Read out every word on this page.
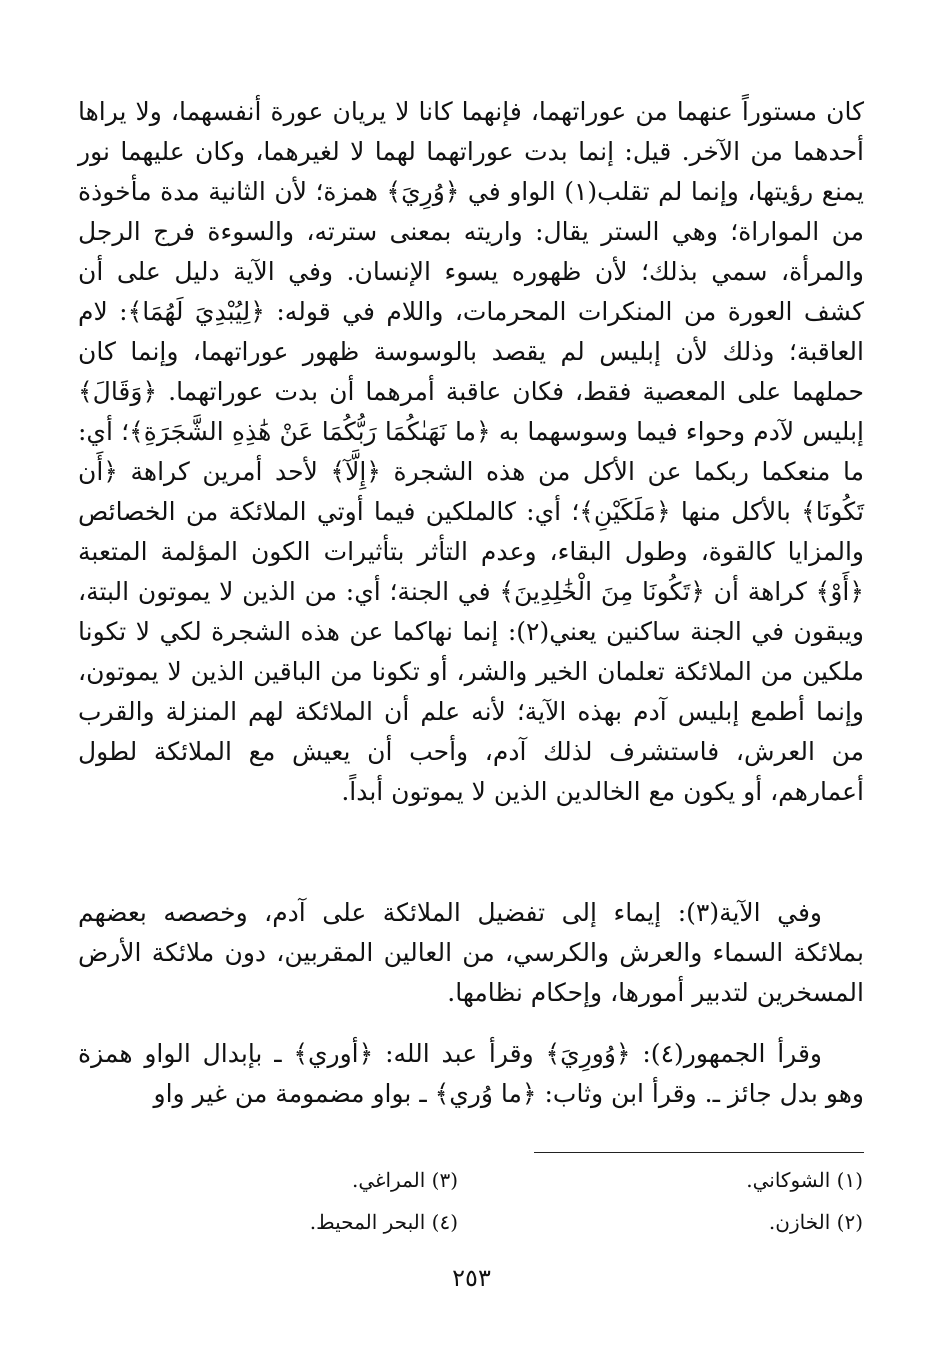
كان مستوراً عنهما من عوراتهما، فإنهما كانا لا يريان عورة أنفسهما، ولا يراها أحدهما من الآخر. قيل: إنما بدت عوراتهما لهما لا لغيرهما، وكان عليهما نور يمنع رؤيتها، وإنما لم تقلب(١) الواو في ﴿وُرِيَ﴾ همزة؛ لأن الثانية مدة مأخوذة من المواراة؛ وهي الستر يقال: واريته بمعنى سترته، والسوءة فرج الرجل والمرأة، سمي بذلك؛ لأن ظهوره يسوء الإنسان. وفي الآية دليل على أن كشف العورة من المنكرات المحرمات، واللام في قوله: ﴿لِيُبْدِيَ لَهُمَا﴾: لام العاقبة؛ وذلك لأن إبليس لم يقصد بالوسوسة ظهور عوراتهما، وإنما كان حملهما على المعصية فقط، فكان عاقبة أمرهما أن بدت عوراتهما. ﴿وَقَالَ﴾ إبليس لآدم وحواء فيما وسوسهما به ﴿ما نَهَىٰكُمَا رَبُّكُمَا عَنْ هَٰذِهِ الشَّجَرَةِ﴾؛ أي: ما منعكما ربكما عن الأكل من هذه الشجرة ﴿إِلَّآ﴾ لأحد أمرين كراهة ﴿أَن تَكُونَا﴾ بالأكل منها ﴿مَلَكَيْنِ﴾؛ أي: كالملكين فيما أوتي الملائكة من الخصائص والمزايا كالقوة، وطول البقاء، وعدم التأثر بتأثيرات الكون المؤلمة المتعبة ﴿أَوْ﴾ كراهة أن ﴿تَكُونَا مِنَ الْخَٰلِدِينَ﴾ في الجنة؛ أي: من الذين لا يموتون البتة، ويبقون في الجنة ساكنين يعني(٢): إنما نهاكما عن هذه الشجرة لكي لا تكونا ملكين من الملائكة تعلمان الخير والشر، أو تكونا من الباقين الذين لا يموتون، وإنما أطمع إبليس آدم بهذه الآية؛ لأنه علم أن الملائكة لهم المنزلة والقرب من العرش، فاستشرف لذلك آدم، وأحب أن يعيش مع الملائكة لطول أعمارهم، أو يكون مع الخالدين الذين لا يموتون أبداً.

وفي الآية(٣): إيماء إلى تفضيل الملائكة على آدم، وخصصه بعضهم بملائكة السماء والعرش والكرسي، من العالين المقربين، دون ملائكة الأرض المسخرين لتدبير أمورها، وإحكام نظامها.

وقرأ الجمهور(٤): ﴿وُورِيَ﴾ وقرأ عبد الله: ﴿أوري﴾ ـ بإبدال الواو همزة وهو بدل جائز ـ. وقرأ ابن وثاب: ﴿ما وُري﴾ ـ بواو مضمومة من غير واو

(١) الشوكاني.
(٢) الخازن.
(٣) المراغي.
(٤) البحر المحيط.
٢٥٣
